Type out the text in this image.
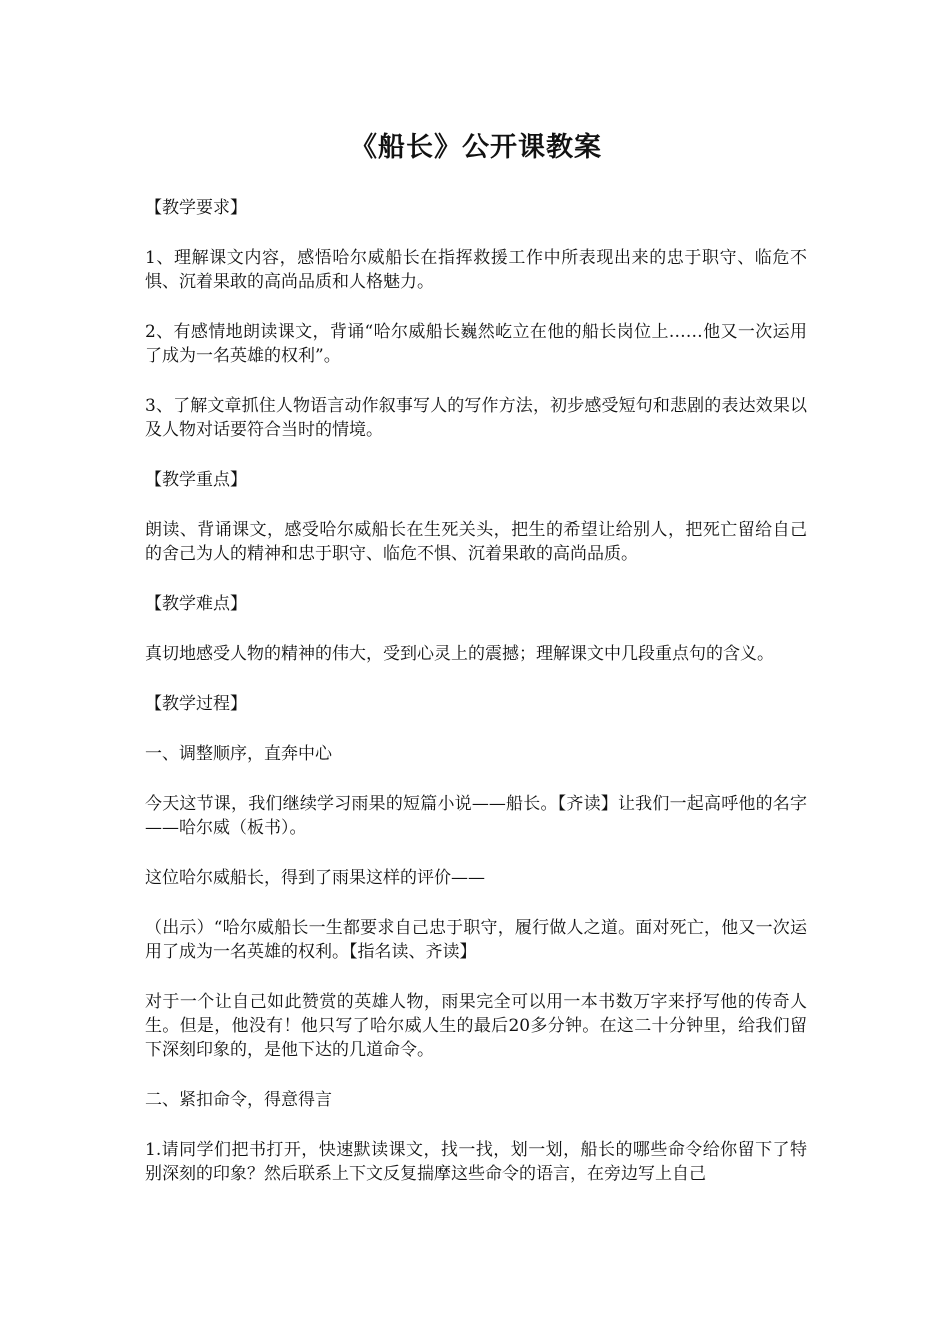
《船长》公开课教案

【教学要求】

1、理解课文内容，感悟哈尔威船长在指挥救援工作中所表现出来的忠于职守、临危不惧、沉着果敢的高尚品质和人格魅力。

2、有感情地朗读课文，背诵“哈尔威船长巍然屹立在他的船长岗位上……他又一次运用了成为一名英雄的权利”。

3、了解文章抓住人物语言动作叙事写人的写作方法，初步感受短句和悲剧的表达效果以及人物对话要符合当时的情境。

【教学重点】

朗读、背诵课文，感受哈尔威船长在生死关头，把生的希望让给别人，把死亡留给自己的舍己为人的精神和忠于职守、临危不惧、沉着果敢的高尚品质。

【教学难点】

真切地感受人物的精神的伟大，受到心灵上的震撼；理解课文中几段重点句的含义。

【教学过程】

一、调整顺序，直奔中心

今天这节课，我们继续学习雨果的短篇小说——船长。【齐读】让我们一起高呼他的名字——哈尔威（板书）。

这位哈尔威船长，得到了雨果这样的评价——

（出示）“哈尔威船长一生都要求自己忠于职守，履行做人之道。面对死亡，他又一次运用了成为一名英雄的权利。【指名读、齐读】

对于一个让自己如此赞赏的英雄人物，雨果完全可以用一本书数万字来抒写他的传奇人生。但是，他没有！他只写了哈尔威人生的最后20多分钟。在这二十分钟里，给我们留下深刻印象的，是他下达的几道命令。

二、紧扣命令，得意得言

1.请同学们把书打开，快速默读课文，找一找，划一划，船长的哪些命令给你留下了特别深刻的印象？然后联系上下文反复揣摩这些命令的语言，在旁边写上自己
